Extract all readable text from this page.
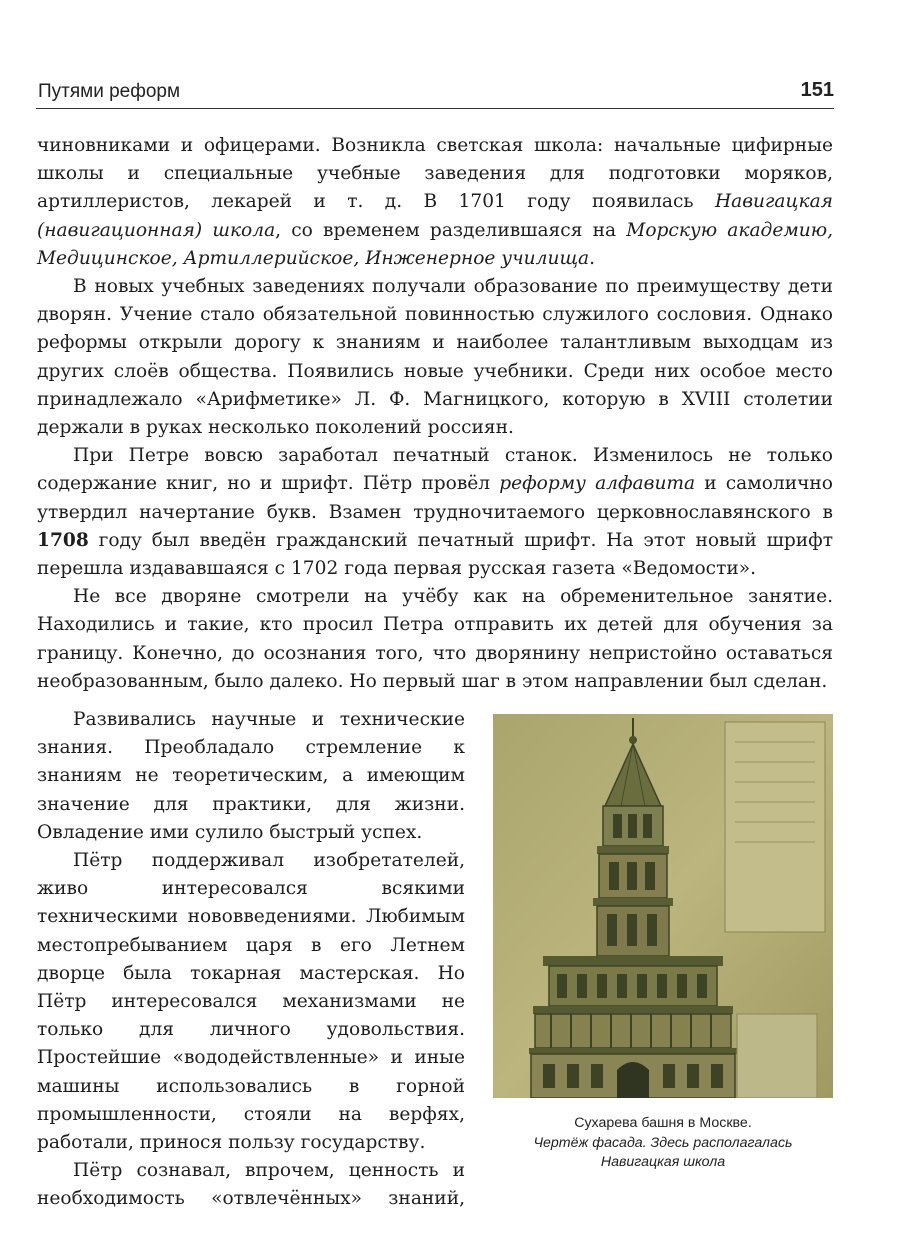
Путями реформ	151

чиновниками и офицерами. Возникла светская школа: начальные цифирные школы и специальные учебные заведения для подготовки моряков, артиллеристов, лекарей и т. д. В 1701 году появилась Навигацкая (навигационная) школа, со временем разделившаяся на Морскую академию, Медицинское, Артиллерийское, Инженерное училища.

В новых учебных заведениях получали образование по преимуществу дети дворян. Учение стало обязательной повинностью служилого сословия. Однако реформы открыли дорогу к знаниям и наиболее талантливым выходцам из других слоёв общества. Появились новые учебники. Среди них особое место принадлежало «Арифметике» Л. Ф. Магницкого, которую в XVIII столетии держали в руках несколько поколений россиян.

При Петре вовсю заработал печатный станок. Изменилось не только содержание книг, но и шрифт. Пётр провёл реформу алфавита и самолично утвердил начертание букв. Взамен трудночитаемого церковнославянского в 1708 году был введён гражданский печатный шрифт. На этот новый шрифт перешла издававшаяся с 1702 года первая русская газета «Ведомости».

Не все дворяне смотрели на учёбу как на обременительное занятие. Находились и такие, кто просил Петра отправить их детей для обучения за границу. Конечно, до осознания того, что дворянину непристойно оставаться необразованным, было далеко. Но первый шаг в этом направлении был сделан.

Развивались научные и технические знания. Преобладало стремление к знаниям не теоретическим, а имеющим значение для практики, для жизни. Овладение ими сулило быстрый успех.

Пётр поддерживал изобретателей, живо интересовался всякими техническими нововведениями. Любимым местопребыванием царя в его Летнем дворце была токарная мастерская. Но Пётр интересовался механизмами не только для личного удовольствия. Простейшие «вододействленные» и иные машины использовались в горной промышленности, стояли на верфях, работали, принося пользу государству.

Пётр сознавал, впрочем, ценность и необходимость «отвлечённых» знаний,

Сухарева башня в Москве.
Чертёж фасада. Здесь располагалась
Навигацкая школа
